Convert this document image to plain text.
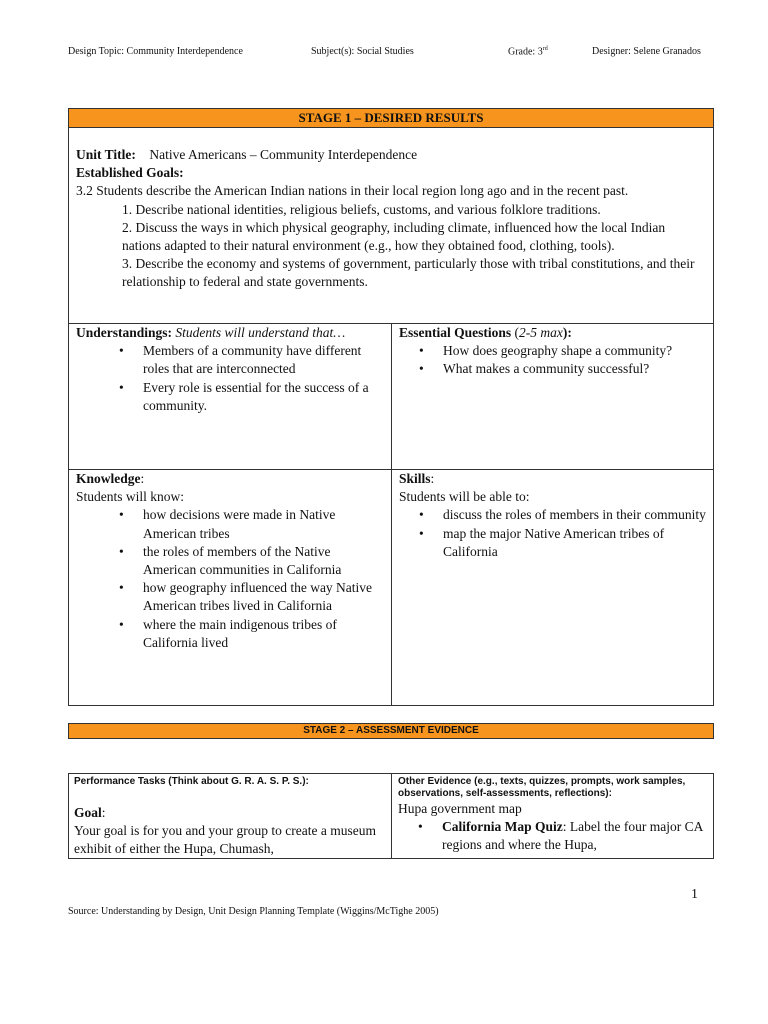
Design Topic: Community Interdependence	Subject(s): Social Studies	Grade: 3rd	Designer: Selene Granados
STAGE 1 – DESIRED RESULTS

Unit Title: Native Americans – Community Interdependence

Established Goals:

3.2 Students describe the American Indian nations in their local region long ago and in the recent past.

1. Describe national identities, religious beliefs, customs, and various folklore traditions.

2. Discuss the ways in which physical geography, including climate, influenced how the local Indian nations adapted to their natural environment (e.g., how they obtained food, clothing, tools).

3. Describe the economy and systems of government, particularly those with tribal constitutions, and their relationship to federal and state governments.

Understandings: Students will understand that…

• Members of a community have different roles that are interconnected
• Every role is essential for the success of a community.

Essential Questions (2-5 max):

• How does geography shape a community?
• What makes a community successful?

Knowledge:

Students will know:

• how decisions were made in Native American tribes
• the roles of members of the Native American communities in California
• how geography influenced the way Native American tribes lived in California
• where the main indigenous tribes of California lived

Skills:

Students will be able to:

• discuss the roles of members in their community
• map the major Native American tribes of California
STAGE 2 – ASSESSMENT EVIDENCE

Performance Tasks (Think about G. R. A. S. P. S.):

Goal:

Your goal is for you and your group to create a museum exhibit of either the Hupa, Chumash,

Other Evidence (e.g., texts, quizzes, prompts, work samples, observations, self-assessments, reflections):

Hupa government map

• California Map Quiz: Label the four major CA regions and where the Hupa,
1
Source: Understanding by Design, Unit Design Planning Template (Wiggins/McTighe 2005)
